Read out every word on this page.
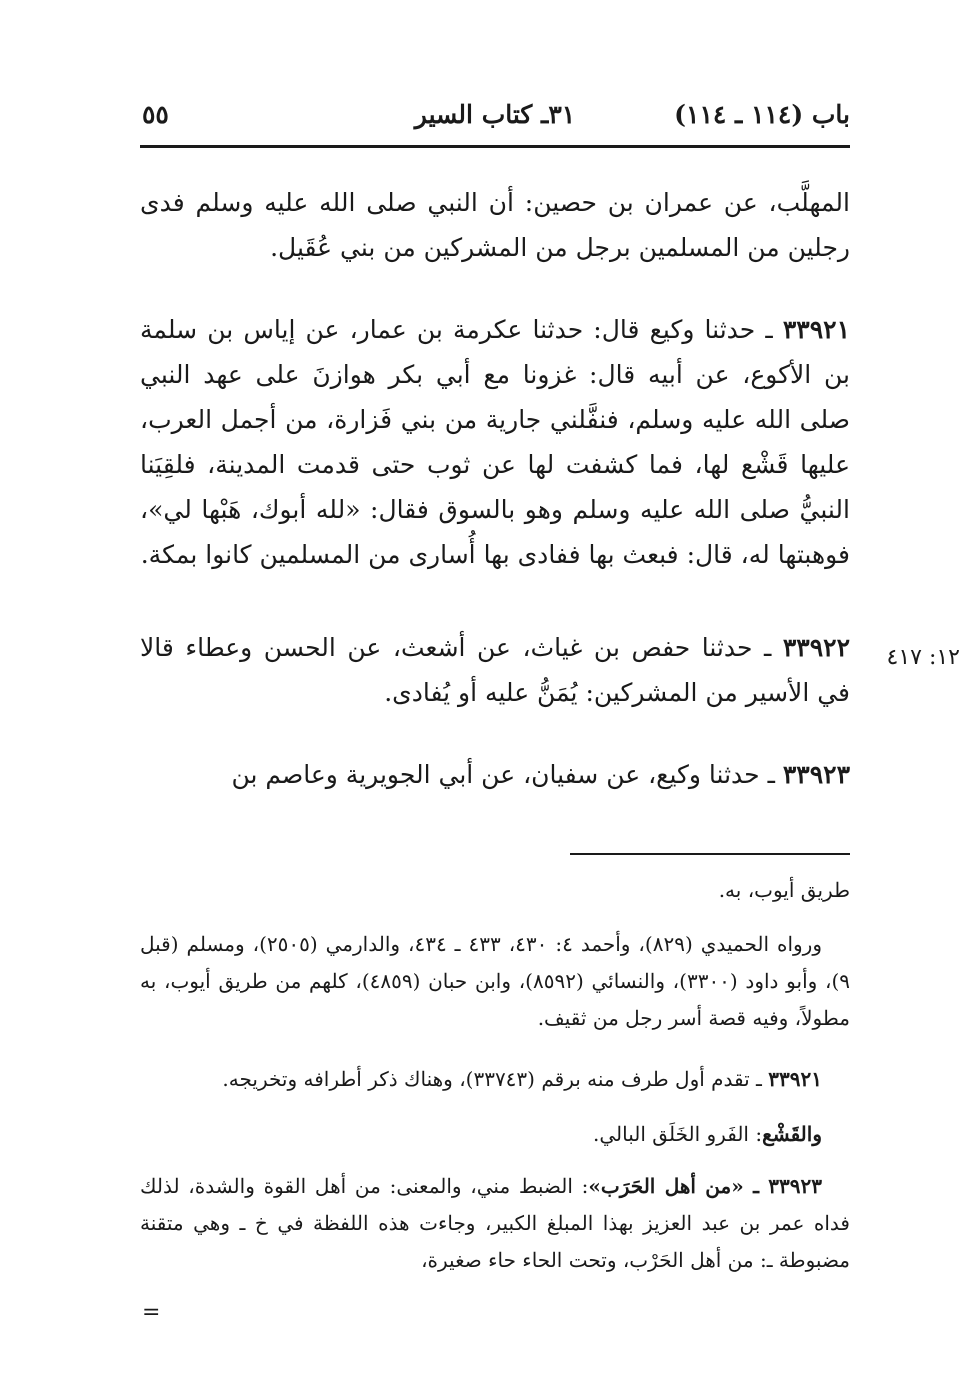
باب (١١٤ ـ ١١٤)
٣١ـ كتاب السير
٥٥

المهلَّب، عن عمران بن حصين: أن النبي صلى الله عليه وسلم فدى رجلين من المسلمين برجل من المشركين من بني عُقَيل.

٣٣٩٢١ ـ حدثنا وكيع قال: حدثنا عكرمة بن عمار، عن إياس بن سلمة بن الأكوع، عن أبيه قال: غزونا مع أبي بكر هوازنَ على عهد النبي صلى الله عليه وسلم، فنفَّلني جارية من بني فَزارة، من أجمل العرب، عليها قَشْع لها، فما كشفت لها عن ثوب حتى قدمت المدينة، فلقِيَنا النبيُّ صلى الله عليه وسلم وهو بالسوق فقال: «لله أبوك، هَبْها لي»، فوهبتها له، قال: فبعث بها ففادى بها أُسارى من المسلمين كانوا بمكة.

٣٣٩٢٢ ـ حدثنا حفص بن غياث، عن أشعث، عن الحسن وعطاء قالا في الأسير من المشركين: يُمَنُّ عليه أو يُفادى.

١٢: ٤١٧

٣٣٩٢٣ ـ حدثنا وكيع، عن سفيان، عن أبي الجويرية وعاصم بن

طريق أيوب، به.

ورواه الحميدي (٨٢٩)، وأحمد ٤: ٤٣٠، ٤٣٣ ـ ٤٣٤، والدارمي (٢٥٠٥)، ومسلم (قبل ٩)، وأبو داود (٣٣٠٠)، والنسائي (٨٥٩٢)، وابن حبان (٤٨٥٩)، كلهم من طريق أيوب، به مطولاً، وفيه قصة أسر رجل من ثقيف.

٣٣٩٢١ ـ تقدم أول طرف منه برقم (٣٣٧٤٣)، وهناك ذكر أطرافه وتخريجه.

والقَشْع: الفَرو الخَلَق البالي.

٣٣٩٢٣ ـ «من أهل الحَرَب»: الضبط مني، والمعنى: من أهل القوة والشدة، لذلك فداه عمر بن عبد العزيز بهذا المبلغ الكبير، وجاءت هذه اللفظة في خ ـ وهي متقنة مضبوطة ـ: من أهل الحَرْب، وتحت الحاء حاء صغيرة،

=
